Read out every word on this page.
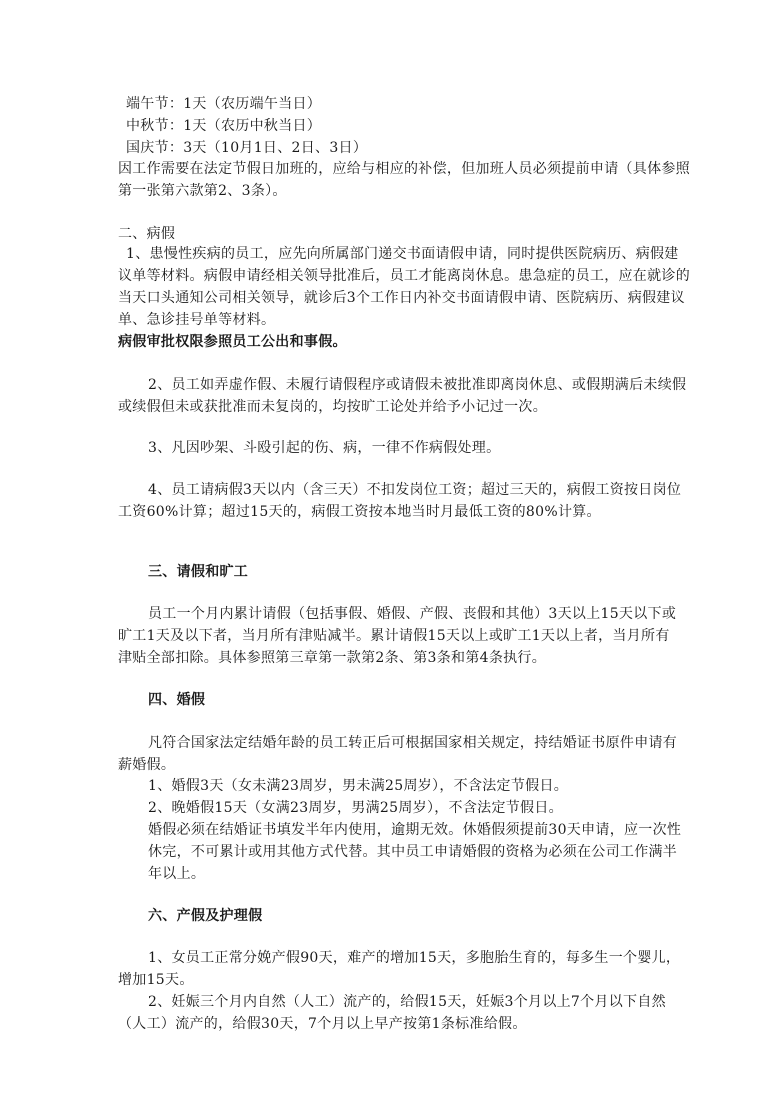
端午节：1天（农历端午当日）
中秋节：1天（农历中秋当日）
国庆节：3天（10月1日、2日、3日）
因工作需要在法定节假日加班的，应给与相应的补偿，但加班人员必须提前申请（具体参照
第一张第六款第2、3条）。
二、病假
1、患慢性疾病的员工，应先向所属部门递交书面请假申请，同时提供医院病历、病假建
议单等材料。病假申请经相关领导批准后，员工才能离岗休息。患急症的员工，应在就诊的
当天口头通知公司相关领导，就诊后3个工作日内补交书面请假申请、医院病历、病假建议
单、急诊挂号单等材料。
病假审批权限参照员工公出和事假。
2、员工如弄虚作假、未履行请假程序或请假未被批准即离岗休息、或假期满后未续假
或续假但未或获批准而未复岗的，均按旷工论处并给予小记过一次。
3、凡因吵架、斗殴引起的伤、病，一律不作病假处理。
4、员工请病假3天以内（含三天）不扣发岗位工资；超过三天的，病假工资按日岗位
工资60%计算；超过15天的，病假工资按本地当时月最低工资的80%计算。
三、请假和旷工
员工一个月内累计请假（包括事假、婚假、产假、丧假和其他）3天以上15天以下或
旷工1天及以下者，当月所有津贴减半。累计请假15天以上或旷工1天以上者，当月所有
津贴全部扣除。具体参照第三章第一款第2条、第3条和第4条执行。
四、婚假
凡符合国家法定结婚年龄的员工转正后可根据国家相关规定，持结婚证书原件申请有
薪婚假。
1、婚假3天（女未满23周岁，男未满25周岁），不含法定节假日。
2、晚婚假15天（女满23周岁，男满25周岁），不含法定节假日。
婚假必须在结婚证书填发半年内使用，逾期无效。休婚假须提前30天申请，应一次性
休完，不可累计或用其他方式代替。其中员工申请婚假的资格为必须在公司工作满半
年以上。
六、产假及护理假
1、女员工正常分娩产假90天，难产的增加15天，多胞胎生育的，每多生一个婴儿，
增加15天。
2、妊娠三个月内自然（人工）流产的，给假15天，妊娠3个月以上7个月以下自然
（人工）流产的，给假30天，7个月以上早产按第1条标准给假。
